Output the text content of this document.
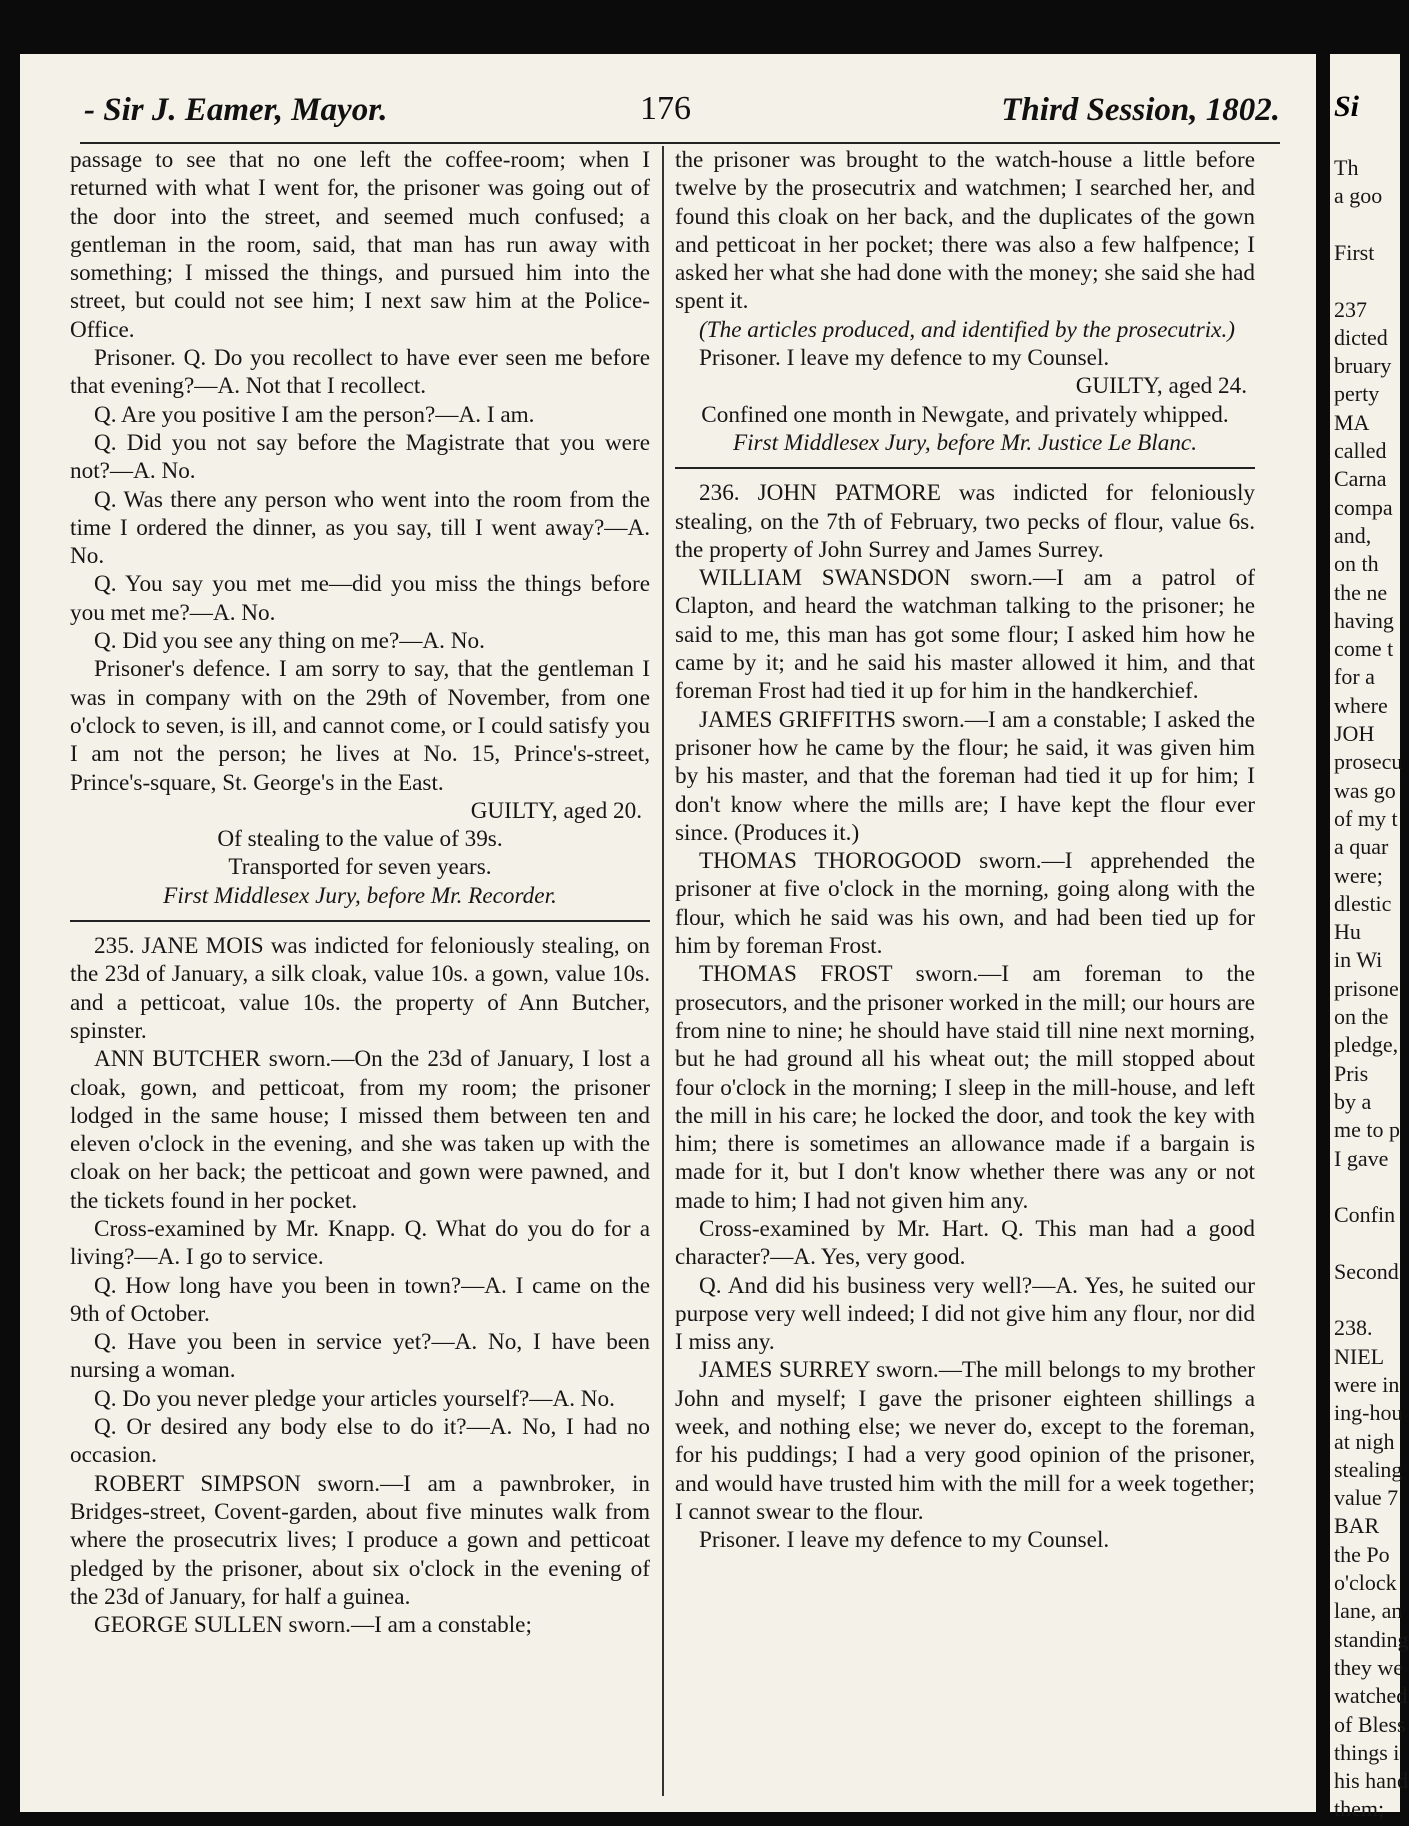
- Sir J. Eamer, Mayor.	176	Third Session, 1802.

passage to see that no one left the coffee-room; when I returned with what I went for, the prisoner was going out of the door into the street, and seemed much confused; a gentleman in the room, said, that man has run away with something; I missed the things, and pursued him into the street, but could not see him; I next saw him at the Police-Office.

Prisoner. Q. Do you recollect to have ever seen me before that evening?—A. Not that I recollect.

Q. Are you positive I am the person?—A. I am.

Q. Did you not say before the Magistrate that you were not?—A. No.

Q. Was there any person who went into the room from the time I ordered the dinner, as you say, till I went away?—A. No.

Q. You say you met me—did you miss the things before you met me?—A. No.

Q. Did you see any thing on me?—A. No.

Prisoner's defence. I am sorry to say, that the gentleman I was in company with on the 29th of November, from one o'clock to seven, is ill, and cannot come, or I could satisfy you I am not the person; he lives at No. 15, Prince's-street, Prince's-square, St. George's in the East.

GUILTY, aged 20.

Of stealing to the value of 39s.

Transported for seven years.

First Middlesex Jury, before Mr. Recorder.

235. JANE MOIS was indicted for feloniously stealing, on the 23d of January, a silk cloak, value 10s. a gown, value 10s. and a petticoat, value 10s. the property of Ann Butcher, spinster.

ANN BUTCHER sworn.—On the 23d of January, I lost a cloak, gown, and petticoat, from my room; the prisoner lodged in the same house; I missed them between ten and eleven o'clock in the evening, and she was taken up with the cloak on her back; the petticoat and gown were pawned, and the tickets found in her pocket.

Cross-examined by Mr. Knapp. Q. What do you do for a living?—A. I go to service.

Q. How long have you been in town?—A. I came on the 9th of October.

Q. Have you been in service yet?—A. No, I have been nursing a woman.

Q. Do you never pledge your articles yourself?—A. No.

Q. Or desired any body else to do it?—A. No, I had no occasion.

ROBERT SIMPSON sworn.—I am a pawnbroker, in Bridges-street, Covent-garden, about five minutes walk from where the prosecutrix lives; I produce a gown and petticoat pledged by the prisoner, about six o'clock in the evening of the 23d of January, for half a guinea.

GEORGE SULLEN sworn.—I am a constable;

the prisoner was brought to the watch-house a little before twelve by the prosecutrix and watchmen; I searched her, and found this cloak on her back, and the duplicates of the gown and petticoat in her pocket; there was also a few halfpence; I asked her what she had done with the money; she said she had spent it.

(The articles produced, and identified by the prosecutrix.)

Prisoner. I leave my defence to my Counsel.

GUILTY, aged 24.

Confined one month in Newgate, and privately whipped.

First Middlesex Jury, before Mr. Justice Le Blanc.

236. JOHN PATMORE was indicted for feloniously stealing, on the 7th of February, two pecks of flour, value 6s. the property of John Surrey and James Surrey.

WILLIAM SWANSDON sworn.—I am a patrol of Clapton, and heard the watchman talking to the prisoner; he said to me, this man has got some flour; I asked him how he came by it; and he said his master allowed it him, and that foreman Frost had tied it up for him in the handkerchief.

JAMES GRIFFITHS sworn.—I am a constable; I asked the prisoner how he came by the flour; he said, it was given him by his master, and that the foreman had tied it up for him; I don't know where the mills are; I have kept the flour ever since. (Produces it.)

THOMAS THOROGOOD sworn.—I apprehended the prisoner at five o'clock in the morning, going along with the flour, which he said was his own, and had been tied up for him by foreman Frost.

THOMAS FROST sworn.—I am foreman to the prosecutors, and the prisoner worked in the mill; our hours are from nine to nine; he should have staid till nine next morning, but he had ground all his wheat out; the mill stopped about four o'clock in the morning; I sleep in the mill-house, and left the mill in his care; he locked the door, and took the key with him; there is sometimes an allowance made if a bargain is made for it, but I don't know whether there was any or not made to him; I had not given him any.

Cross-examined by Mr. Hart. Q. This man had a good character?—A. Yes, very good.

Q. And did his business very well?—A. Yes, he suited our purpose very well indeed; I did not give him any flour, nor did I miss any.

JAMES SURREY sworn.—The mill belongs to my brother John and myself; I gave the prisoner eighteen shillings a week, and nothing else; we never do, except to the foreman, for his puddings; I had a very good opinion of the prisoner, and would have trusted him with the mill for a week together; I cannot swear to the flour.

Prisoner. I leave my defence to my Counsel.

Si
Th
a goo
First
237
dicted
bruary
perty
MA
called
Carna
compa
and,
on th
the ne
having
come t
for a
where
JOH
prosecu
was go
of my t
a quar
were;
dlestic
Hu
in Wi
prisone
on the
pledge,
Pris
by a
me to p
I gave
Confin
Second
238.
NIEL
were in
ing-hou
at nigh
stealing
value 7
BAR
the Po
o'clock
lane, an
standing
they we
watched
of Bless
things i
his hand
them;
